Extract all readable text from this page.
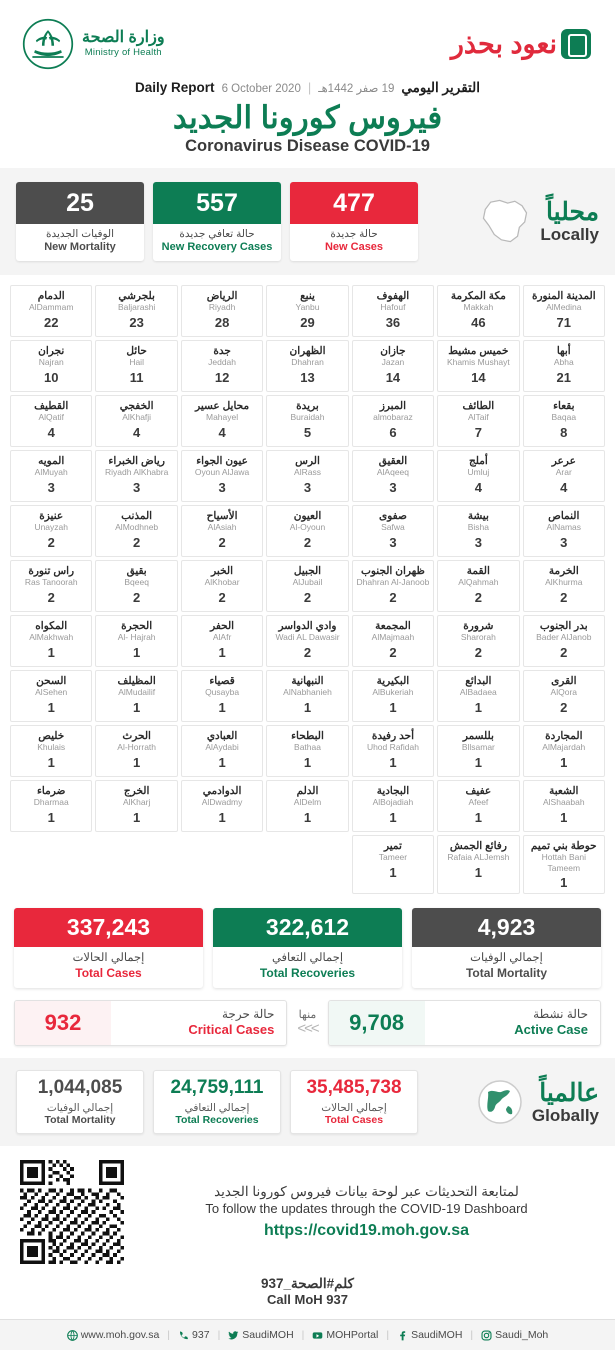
وزارة الصحة
Ministry of Health	نعود بحذر
Daily Report 6 October 2020 | 19 صفر 1442هـ التقرير اليومي
فيروس كورونا الجديد
Coronavirus Disease COVID-19
25
الوفيات الجديدة
New Mortality
557
حالة تعافي جديدة
New Recovery Cases
477
حالة جديدة
New Cases
محلياً
Locally
المدينة المنورة
AlMedina
71
مكة المكرمة
Makkah
46
الهفوف
Hafouf
36
ينبع
Yanbu
29
الرياض
Riyadh
28
بلجرشي
Baljarashi
23
الدمام
AlDammam
22
أبها
Abha
21
خميس مشيط
Khamis Mushayt
14
جازان
Jazan
14
الظهران
Dhahran
13
جدة
Jeddah
12
حائل
Hail
11
نجران
Najran
10
بقعاء
Baqaa
8
الطائف
AlTaif
7
المبرز
almobaraz
6
بريدة
Buraidah
5
محايل عسير
Mahayel
4
الخفجي
AlKhafji
4
القطيف
AlQatif
4
عرعر
Arar
4
أملج
Umluj
4
العقيق
AlAqeeq
3
الرس
AlRass
3
عيون الجواء
Oyoun AlJawa
3
رياض الخبراء
Riyadh AlKhabra
3
المويه
AlMuyah
3
النماص
AlNamas
3
بيشة
Bisha
3
صفوى
Safwa
3
العيون
Al-Oyoun
2
الأسياح
AlAsiah
2
المذنب
AlModhneb
2
عنيزة
Unayzah
2
الخرمة
AlKhurma
2
القمة
AlQahmah
2
ظهران الجنوب
Dhahran Al-Janoob
2
الجبيل
AlJubail
2
الخبر
AlKhobar
2
بقيق
Bqeeq
2
راس تنورة
Ras Tanoorah
2
بدر الجنوب
Bader AlJanob
2
شرورة
Sharorah
2
المجمعة
AlMajmaah
2
وادي الدواسر
Wadi AL Dawasir
2
الحفر
AlAfr
1
الحجرة
Al- Hajrah
1
المكواه
AlMakhwah
1
القرى
AlQora
2
البدائع
AlBadaea
1
البكيرية
AlBukeriah
1
النبهانية
AlNabhanieh
1
قصياء
Qusayba
1
المظيلف
AlMudailif
1
السحن
AlSehen
1
المجاردة
AlMajardah
1
بللسمر
Bllsamar
1
أحد رفيدة
Uhod Rafidah
1
البطحاء
Bathaa
1
العبادي
AlAydabi
1
الحرث
Al-Horrath
1
خليص
Khulais
1
الشعبة
AlShaabah
1
عفيف
Afeef
1
البجادية
AlBojadiah
1
الدلم
AlDelm
1
الدوادمي
AlDwadmy
1
الخرج
AlKharj
1
ضرماء
Dharmaa
1
حوطة بني تميم
Hottah Bani Tameem
1
رفائع الجمش
Rafaia ALJemsh
1
تمير
Tameer
1
337,243
إجمالي الحالات
Total Cases
322,612
إجمالي التعافي
Total Recoveries
4,923
إجمالي الوفيات
Total Mortality
932	حالة حرجة
Critical Cases
منها
<<<	9,708	حالة نشطة
Active Case
1,044,085
إجمالي الوفيات
Total Mortality
24,759,111
إجمالي التعافي
Total Recoveries
35,485,738
إجمالي الحالات
Total Cases
عالمياً
Globally
لمتابعة التحديثات عبر لوحة بيانات فيروس كورونا الجديد
To follow the updates through the COVID-19 Dashboard
https://covid19.moh.gov.sa
كلم#الصحة_937
Call MoH 937
www.moh.gov.sa | 937 | SaudiMOH | MOHPortal | SaudiMOH | Saudi_Moh
